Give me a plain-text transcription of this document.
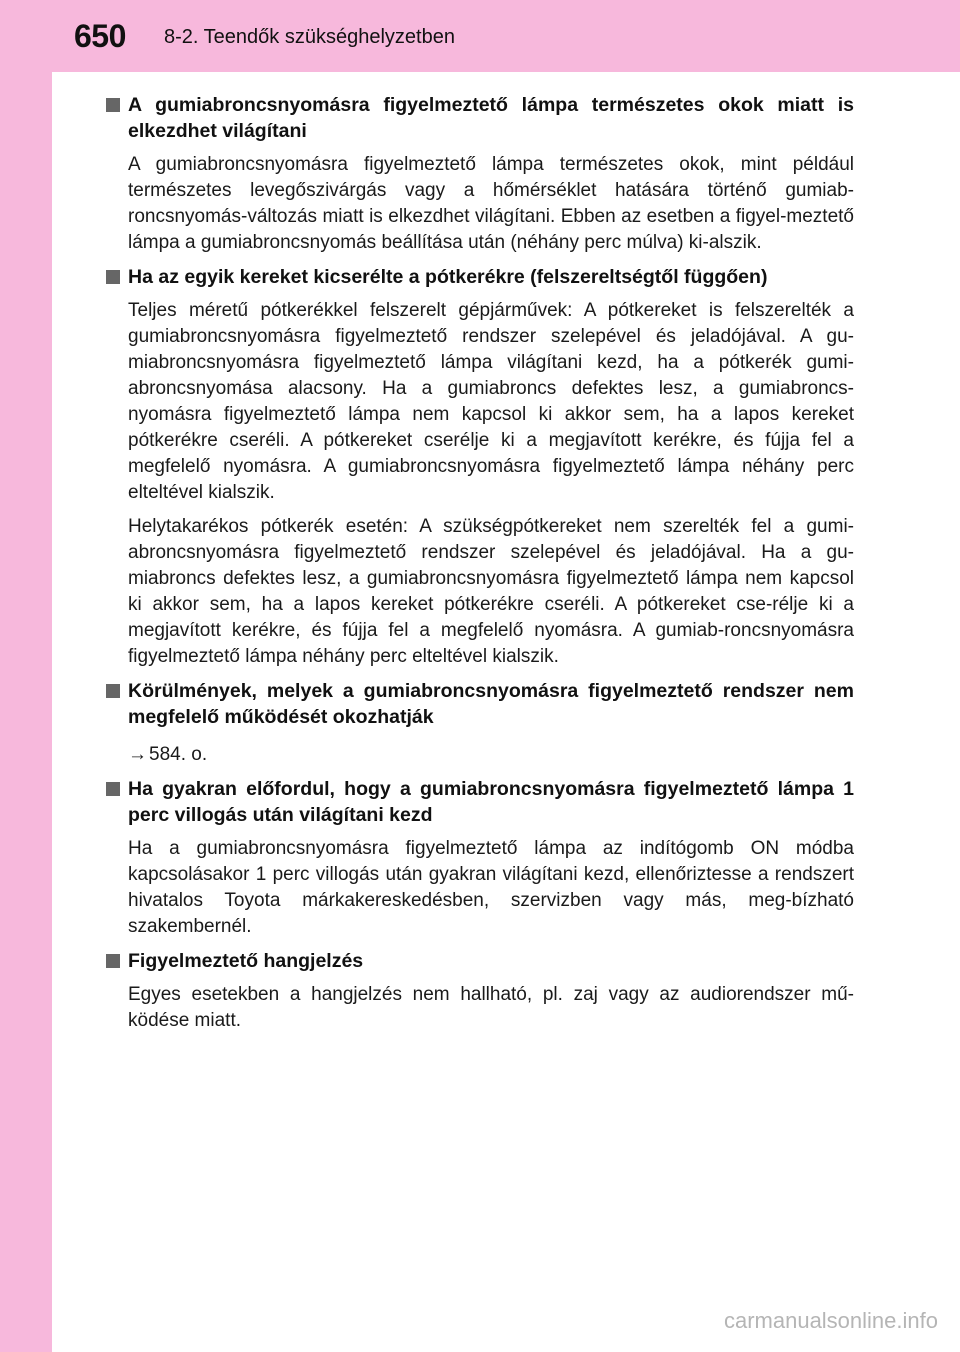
650 8-2. Teendők szükséghelyzetben
A gumiabroncsnyomásra figyelmeztető lámpa természetes okok miatt is elkezdhet világítani

A gumiabroncsnyomásra figyelmeztető lámpa természetes okok, mint például természetes levegőszivárgás vagy a hőmérséklet hatására történő gumiab-roncsnyomás-változás miatt is elkezdhet világítani. Ebben az esetben a figyel-meztető lámpa a gumiabroncsnyomás beállítása után (néhány perc múlva) ki-alszik.

Ha az egyik kereket kicserélte a pótkerékre (felszereltségtől függően)

Teljes méretű pótkerékkel felszerelt gépjárművek: A pótkereket is felszerelték a gumiabroncsnyomásra figyelmeztető rendszer szelepével és jeladójával. A gu-miabroncsnyomásra figyelmeztető lámpa világítani kezd, ha a pótkerék gumi-abroncsnyomása alacsony. Ha a gumiabroncs defektes lesz, a gumiabroncs-nyomásra figyelmeztető lámpa nem kapcsol ki akkor sem, ha a lapos kereket pótkerékre cseréli. A pótkereket cserélje ki a megjavított kerékre, és fújja fel a megfelelő nyomásra. A gumiabroncsnyomásra figyelmeztető lámpa néhány perc elteltével kialszik.

Helytakarékos pótkerék esetén: A szükségpótkereket nem szerelték fel a gumi-abroncsnyomásra figyelmeztető rendszer szelepével és jeladójával. Ha a gu-miabroncs defektes lesz, a gumiabroncsnyomásra figyelmeztető lámpa nem kapcsol ki akkor sem, ha a lapos kereket pótkerékre cseréli. A pótkereket cse-rélje ki a megjavított kerékre, és fújja fel a megfelelő nyomásra. A gumiab-roncsnyomásra figyelmeztető lámpa néhány perc elteltével kialszik.

Körülmények, melyek a gumiabroncsnyomásra figyelmeztető rendszer nem megfelelő működését okozhatják

→ 584. o.

Ha gyakran előfordul, hogy a gumiabroncsnyomásra figyelmeztető lámpa 1 perc villogás után világítani kezd

Ha a gumiabroncsnyomásra figyelmeztető lámpa az indítógomb ON módba kapcsolásakor 1 perc villogás után gyakran világítani kezd, ellenőriztesse a rendszert hivatalos Toyota márkakereskedésben, szervizben vagy más, meg-bízható szakembernél.

Figyelmeztető hangjelzés

Egyes esetekben a hangjelzés nem hallható, pl. zaj vagy az audiorendszer mű-ködése miatt.

carmanualsonline.info
